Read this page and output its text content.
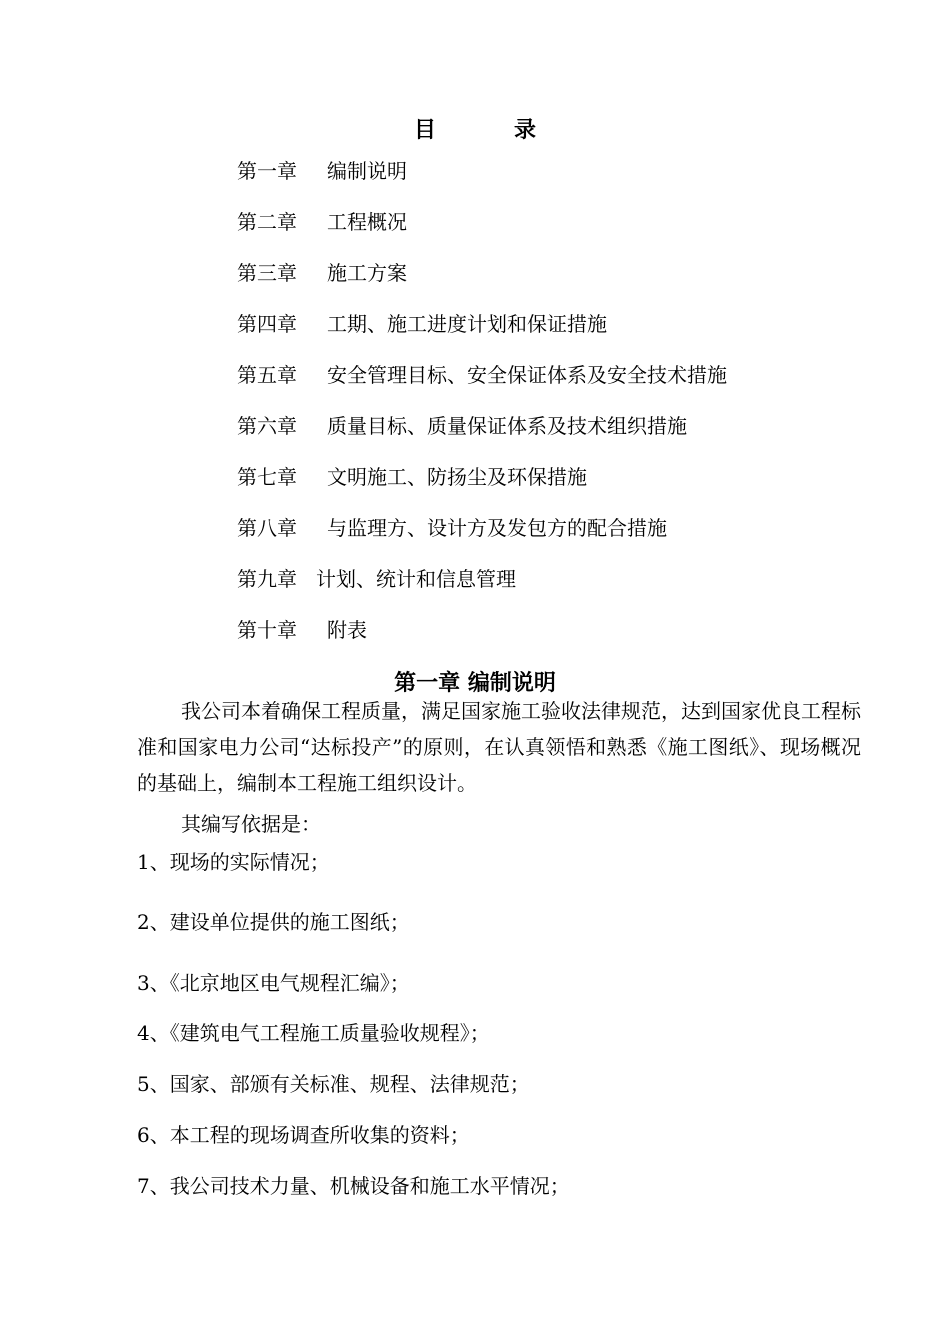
目	录
第一章 编制说明
第二章 工程概况
第三章 施工方案
第四章 工期、施工进度计划和保证措施
第五章 安全管理目标、安全保证体系及安全技术措施
第六章 质量目标、质量保证体系及技术组织措施
第七章 文明施工、防扬尘及环保措施
第八章 与监理方、设计方及发包方的配合措施
第九章 计划、统计和信息管理
第十章 附表
第一章 编制说明
我公司本着确保工程质量，满足国家施工验收法律规范，达到国家优良工程标准和国家电力公司“达标投产”的原则，在认真领悟和熟悉《施工图纸》、现场概况的基础上，编制本工程施工组织设计。
其编写依据是：
1、现场的实际情况；
2、建设单位提供的施工图纸；
3、《北京地区电气规程汇编》；
4、《建筑电气工程施工质量验收规程》；
5、国家、部颁有关标准、规程、法律规范；
6、本工程的现场调查所收集的资料；
7、我公司技术力量、机械设备和施工水平情况；
